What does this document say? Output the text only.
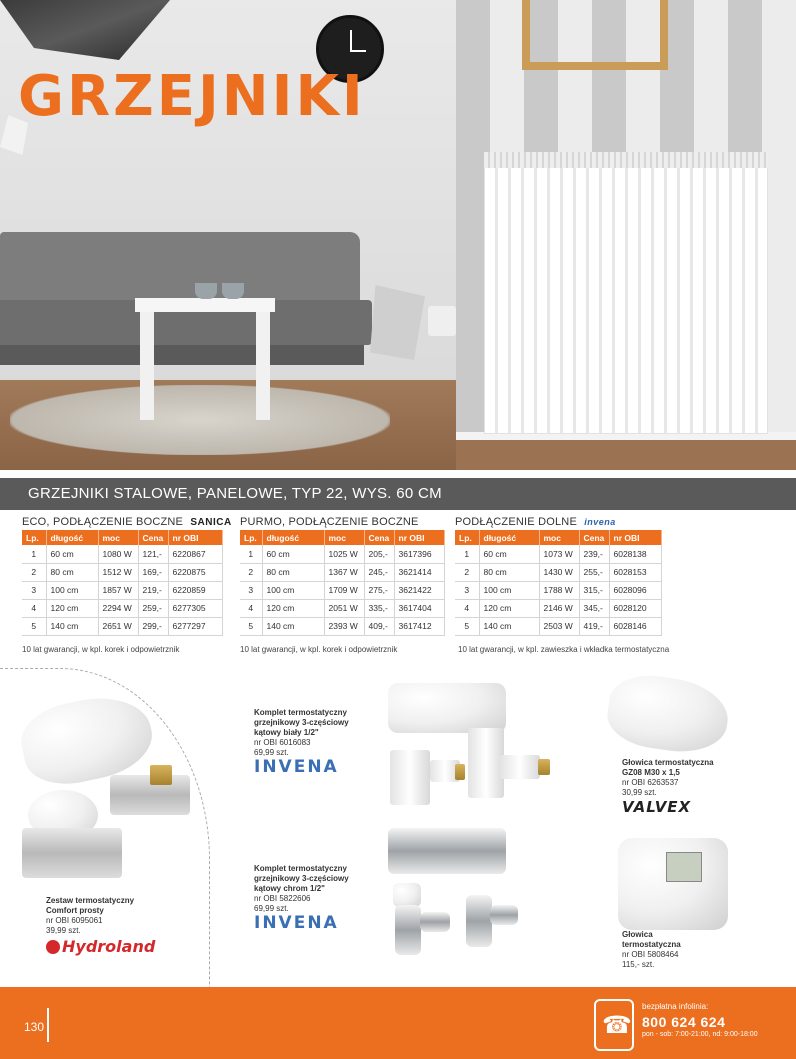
GRZEJNIKI
GRZEJNIKI STALOWE, PANELOWE, TYP 22, WYS. 60 CM
ECO, PODŁĄCZENIE BOCZNE SANICA
Lp.	długość	moc	Cena	nr OBI
1	60 cm	1080 W	121,-	6220867
2	80 cm	1512 W	169,-	6220875
3	100 cm	1857 W	219,-	6220859
4	120 cm	2294 W	259,-	6277305
5	140 cm	2651 W	299,-	6277297
10 lat gwarancji, w kpl. korek i odpowietrznik
PURMO, PODŁĄCZENIE BOCZNE
Lp.	długość	moc	Cena	nr OBI
1	60 cm	1025 W	205,-	3617396
2	80 cm	1367 W	245,-	3621414
3	100 cm	1709 W	275,-	3621422
4	120 cm	2051 W	335,-	3617404
5	140 cm	2393 W	409,-	3617412
10 lat gwarancji, w kpl. korek i odpowietrznik
PODŁĄCZENIE DOLNE invena
Lp.	długość	moc	Cena	nr OBI
1	60 cm	1073 W	239,-	6028138
2	80 cm	1430 W	255,-	6028153
3	100 cm	1788 W	315,-	6028096
4	120 cm	2146 W	345,-	6028120
5	140 cm	2503 W	419,-	6028146
10 lat gwarancji, w kpl. zawieszka i wkładka termostatyczna
Zestaw termostatyczny
Comfort prosty
nr OBI 6095061
39,99 szt.
Hydroland
Komplet termostatyczny
grzejnikowy 3-częściowy
kątowy biały 1/2"
nr OBI 6016083
69,99 szt.
INVENA
Komplet termostatyczny
grzejnikowy 3-częściowy
kątowy chrom 1/2"
nr OBI 5822606
69,99 szt.
INVENA
Głowica termostatyczna
GZ08 M30 x 1,5
nr OBI 6263537
30,99 szt.
VALVEX
Głowica
termostatyczna
nr OBI 5808464
115,- szt.
130	☎
bezpłatna infolinia:
800 624 624
pon - sob: 7:00-21:00, nd: 9:00-18:00
